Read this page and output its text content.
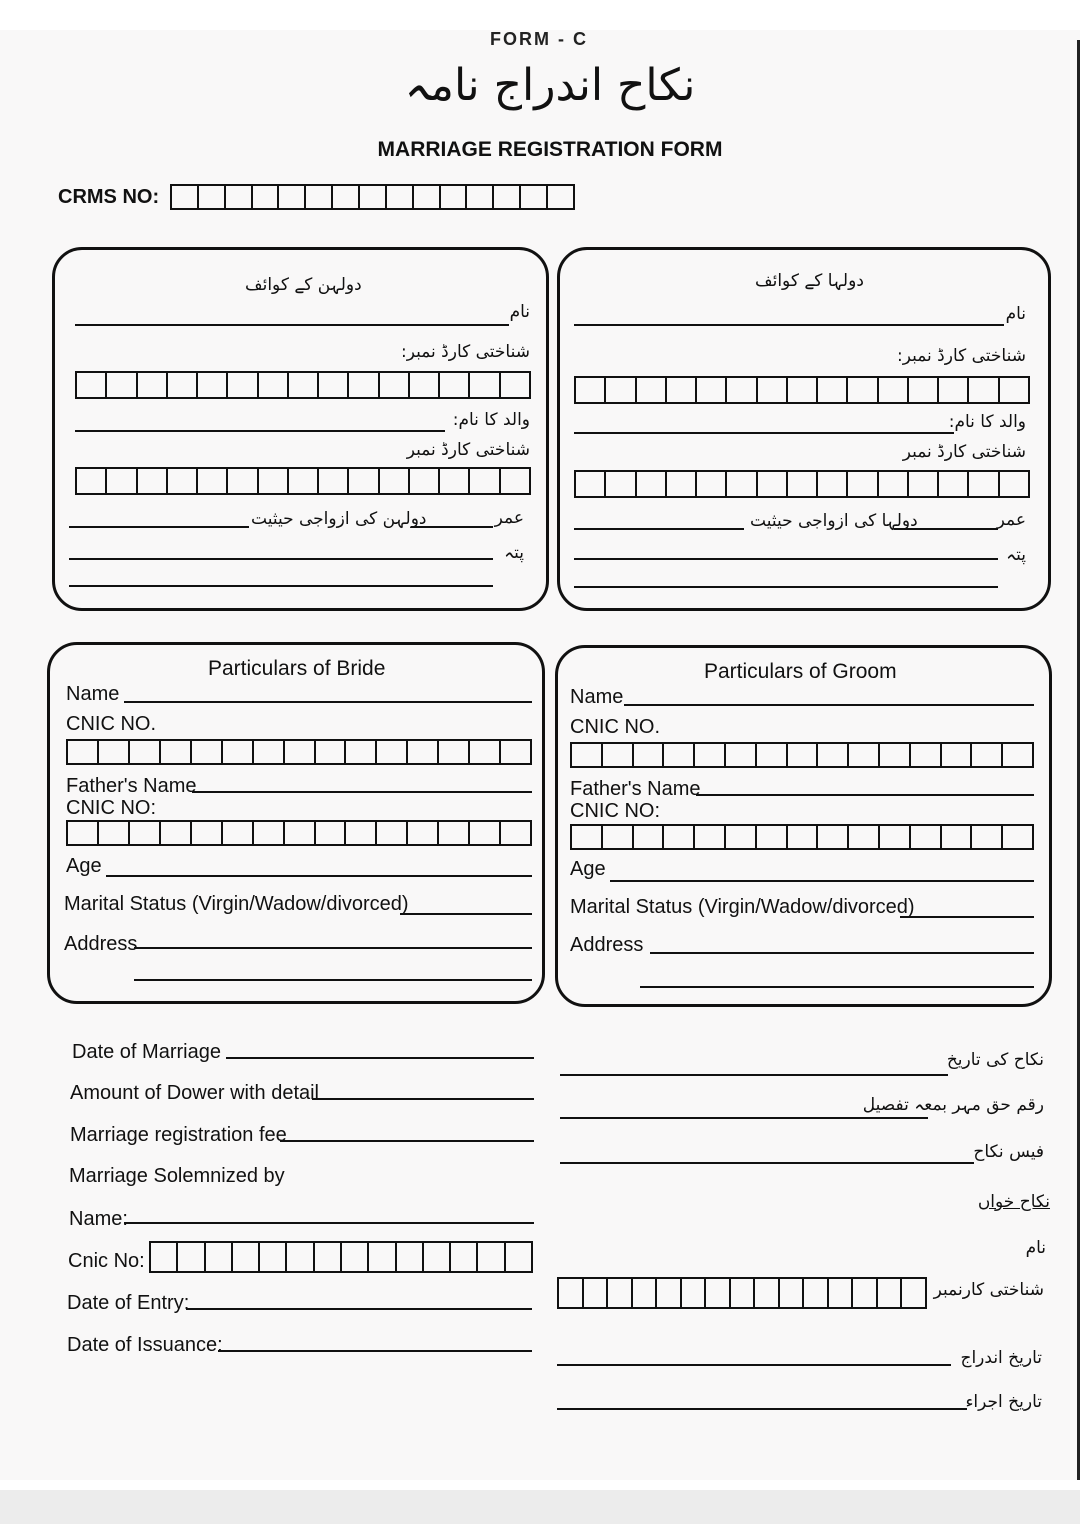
نکاح اندراج نامہ
MARRIAGE REGISTRATION FORM
CRMS NO:
دولہن کے کوائف
نام
شناختی کارڈ نمبر:
والد کا نام:
شناختی کارڈ نمبر
عمر
دولہن کی ازواجی حیثیت
پتہ
دولہا کے کوائف
نام
شناختی کارڈ نمبر:
والد کا نام:
شناختی کارڈ نمبر
عمر
دولہا کی ازواجی حیثیت
پتہ
Particulars of Bride
Name
CNIC NO.
Father's Name
CNIC NO:
Age
Marital Status (Virgin/Wadow/divorced)
Address
Particulars of Groom
Name
CNIC NO.
Father's Name
CNIC NO:
Age
Marital Status (Virgin/Wadow/divorced)
Address
Date of Marriage
Amount of Dower with detail
Marriage registration fee
Marriage Solemnized by
Name:
Cnic No:
Date of Entry:
Date of Issuance:
نکاح کی تاریخ
رقم حق مہر بمعہ تفصیل
فیس نکاح
نکاح خواں
نام
شناختی کارنمبر
تاریخ اندراج
تاریخ اجراء
